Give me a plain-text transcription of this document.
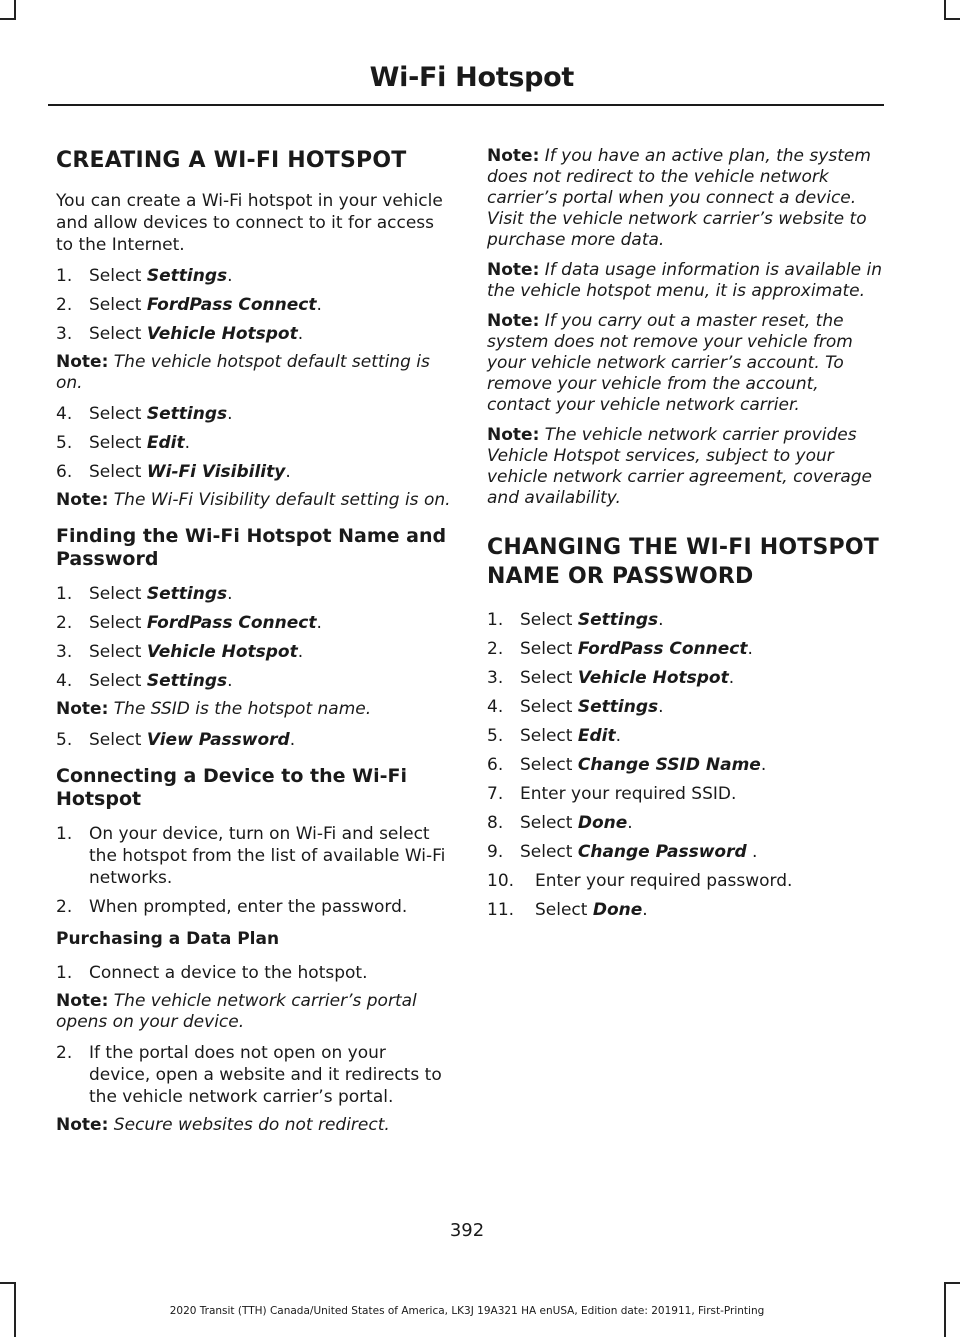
Wi-Fi Hotspot
CREATING A WI-FI HOTSPOT
You can create a Wi-Fi hotspot in your vehicle and allow devices to connect to it for access to the Internet.
1. Select Settings.
2. Select FordPass Connect.
3. Select Vehicle Hotspot.
Note: The vehicle hotspot default setting is on.
4. Select Settings.
5. Select Edit.
6. Select Wi-Fi Visibility.
Note: The Wi-Fi Visibility default setting is on.
Finding the Wi-Fi Hotspot Name and Password
1. Select Settings.
2. Select FordPass Connect.
3. Select Vehicle Hotspot.
4. Select Settings.
Note: The SSID is the hotspot name.
5. Select View Password.
Connecting a Device to the Wi-Fi Hotspot
1. On your device, turn on Wi-Fi and select the hotspot from the list of available Wi-Fi networks.
2. When prompted, enter the password.
Purchasing a Data Plan
1. Connect a device to the hotspot.
Note: The vehicle network carrier’s portal opens on your device.
2. If the portal does not open on your device, open a website and it redirects to the vehicle network carrier’s portal.
Note: Secure websites do not redirect.
Note: If you have an active plan, the system does not redirect to the vehicle network carrier’s portal when you connect a device. Visit the vehicle network carrier’s website to purchase more data.
Note: If data usage information is available in the vehicle hotspot menu, it is approximate.
Note: If you carry out a master reset, the system does not remove your vehicle from your vehicle network carrier’s account. To remove your vehicle from the account, contact your vehicle network carrier.
Note: The vehicle network carrier provides Vehicle Hotspot services, subject to your vehicle network carrier agreement, coverage and availability.
CHANGING THE WI-FI HOTSPOT NAME OR PASSWORD
1. Select Settings.
2. Select FordPass Connect.
3. Select Vehicle Hotspot.
4. Select Settings.
5. Select Edit.
6. Select Change SSID Name.
7. Enter your required SSID.
8. Select Done.
9. Select Change Password .
10.	Enter your required password.
11.	Select Done.
392
2020 Transit (TTH) Canada/United States of America, LK3J 19A321 HA enUSA, Edition date: 201911, First-Printing
